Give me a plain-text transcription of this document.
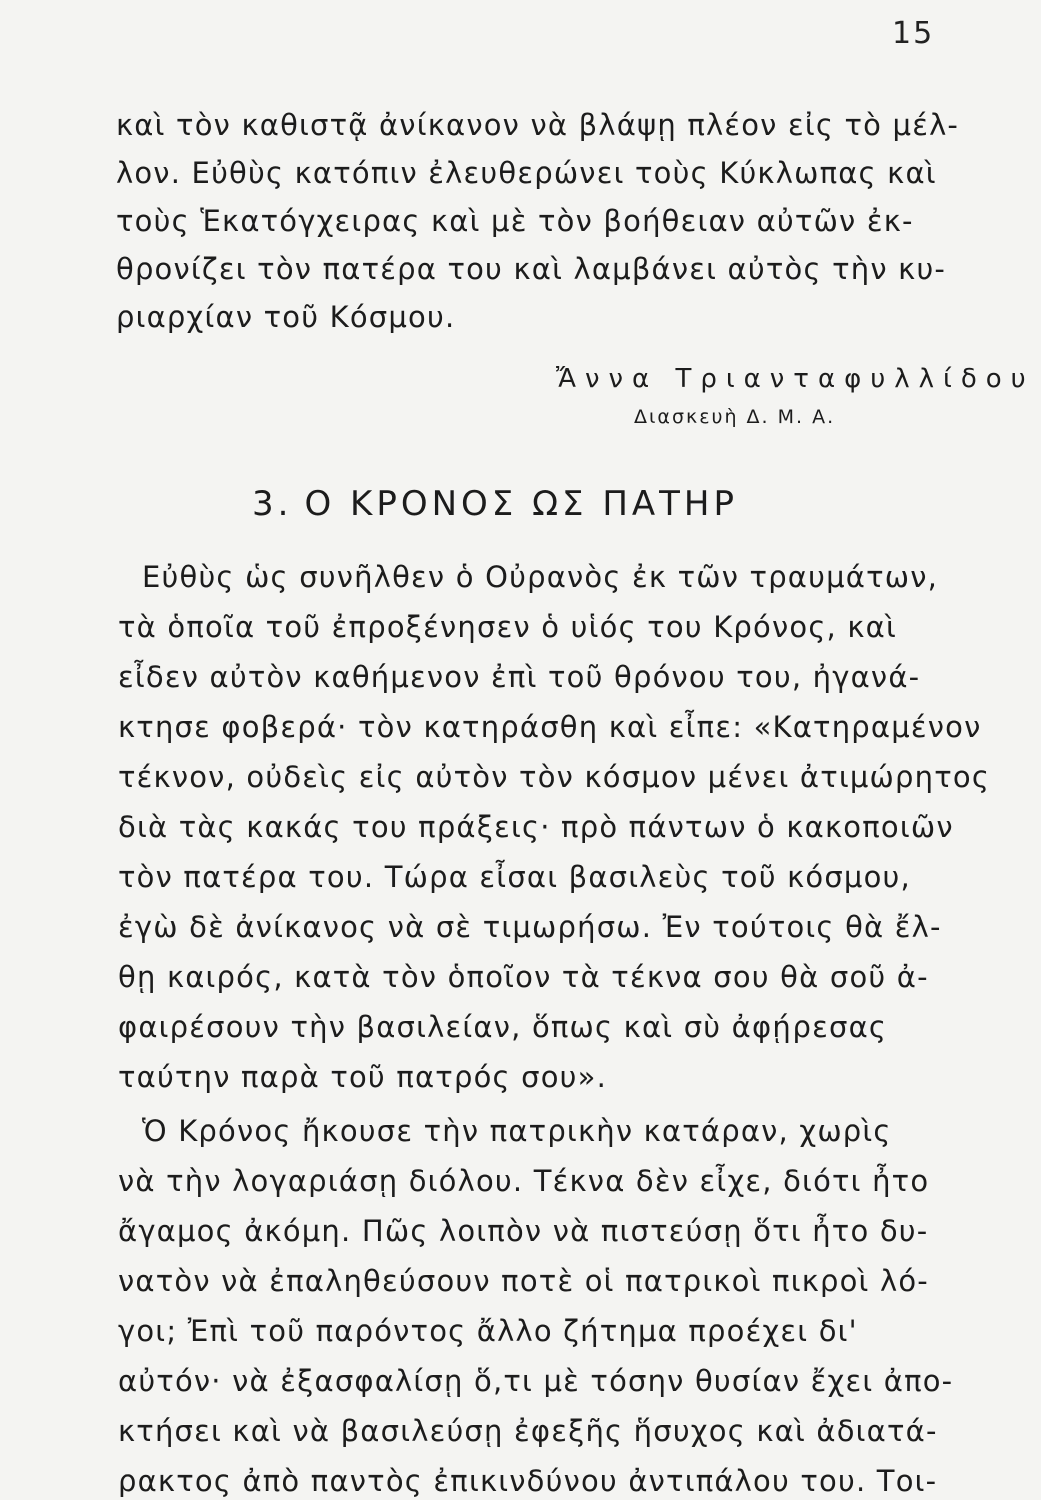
15
καὶ τὸν καθιστᾷ ἀνίκανον νὰ βλάψῃ πλέον εἰς τὸ μέλ-
λον. Εὐθὺς κατόπιν ἐλευθερώνει τοὺς Κύκλωπας καὶ
τοὺς Ἑκατόγχειρας καὶ μὲ τὸν βοήθειαν αὐτῶν ἐκ-
θρονίζει τὸν πατέρα του καὶ λαμβάνει αὐτὸς τὴν κυ-
ριαρχίαν τοῦ Κόσμου.
Ἄννα Τριανταφυλλίδου
Διασκευὴ Δ. Μ. Α.
3. Ο ΚΡΟΝΟΣ ΩΣ ΠΑΤΗΡ
Εὐθὺς ὡς συνῆλθεν ὁ Οὐρανὸς ἐκ τῶν τραυμάτων,
τὰ ὁποῖα τοῦ ἐπροξένησεν ὁ υἱός του Κρόνος, καὶ
εἶδεν αὐτὸν καθήμενον ἐπὶ τοῦ θρόνου του, ἠγανά-
κτησε φοβερά· τὸν κατηράσθη καὶ εἶπε: «Κατηραμένον
τέκνον, οὐδεὶς εἰς αὐτὸν τὸν κόσμον μένει ἀτιμώρητος
διὰ τὰς κακάς του πράξεις· πρὸ πάντων ὁ κακοποιῶν
τὸν πατέρα του. Τώρα εἶσαι βασιλεὺς τοῦ κόσμου,
ἐγὼ δὲ ἀνίκανος νὰ σὲ τιμωρήσω. Ἐν τούτοις θὰ ἔλ-
θῃ καιρός, κατὰ τὸν ὁποῖον τὰ τέκνα σου θὰ σοῦ ἀ-
φαιρέσουν τὴν βασιλείαν, ὅπως καὶ σὺ ἀφῄρεσας
ταύτην παρὰ τοῦ πατρός σου».
Ὁ Κρόνος ἤκουσε τὴν πατρικὴν κατάραν, χωρὶς
νὰ τὴν λογαριάσῃ διόλου. Τέκνα δὲν εἶχε, διότι ἦτο
ἄγαμος ἀκόμη. Πῶς λοιπὸν νὰ πιστεύσῃ ὅτι ἦτο δυ-
νατὸν νὰ ἐπαληθεύσουν ποτὲ οἱ πατρικοὶ πικροὶ λό-
γοι; Ἐπὶ τοῦ παρόντος ἄλλο ζήτημα προέχει δι'
αὐτόν· νὰ ἐξασφαλίσῃ ὅ,τι μὲ τόσην θυσίαν ἔχει ἀπο-
κτήσει καὶ νὰ βασιλεύσῃ ἐφεξῆς ἥσυχος καὶ ἀδιατά-
ρακτος ἀπὸ παντὸς ἐπικινδύνου ἀντιπάλου του. Τοι-
